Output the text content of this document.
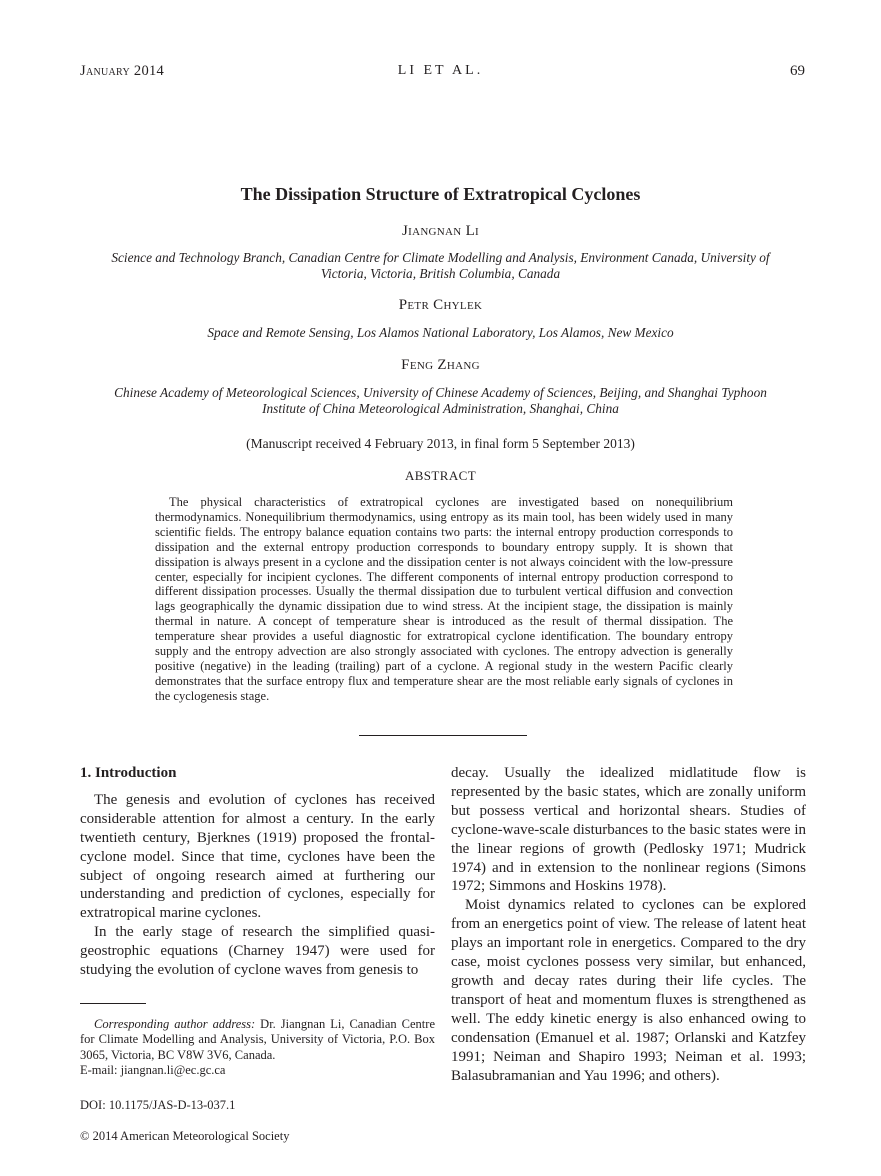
January 2014	LI ET AL.	69
The Dissipation Structure of Extratropical Cyclones
Jiangnan Li
Science and Technology Branch, Canadian Centre for Climate Modelling and Analysis, Environment Canada, University of Victoria, Victoria, British Columbia, Canada
Petr Chylek
Space and Remote Sensing, Los Alamos National Laboratory, Los Alamos, New Mexico
Feng Zhang
Chinese Academy of Meteorological Sciences, University of Chinese Academy of Sciences, Beijing, and Shanghai Typhoon Institute of China Meteorological Administration, Shanghai, China
(Manuscript received 4 February 2013, in final form 5 September 2013)
ABSTRACT
The physical characteristics of extratropical cyclones are investigated based on nonequilibrium thermodynamics. Nonequilibrium thermodynamics, using entropy as its main tool, has been widely used in many scientific fields. The entropy balance equation contains two parts: the internal entropy production corresponds to dissipation and the external entropy production corresponds to boundary entropy supply. It is shown that dissipation is always present in a cyclone and the dissipation center is not always coincident with the low-pressure center, especially for incipient cyclones. The different components of internal entropy production correspond to different dissipation processes. Usually the thermal dissipation due to turbulent vertical diffusion and convection lags geographically the dynamic dissipation due to wind stress. At the incipient stage, the dissipation is mainly thermal in nature. A concept of temperature shear is introduced as the result of thermal dissipation. The temperature shear provides a useful diagnostic for extratropical cyclone identification. The boundary entropy supply and the entropy advection are also strongly associated with cyclones. The entropy advection is generally positive (negative) in the leading (trailing) part of a cyclone. A regional study in the western Pacific clearly demonstrates that the surface entropy flux and temperature shear are the most reliable early signals of cyclones in the cyclogenesis stage.

1. Introduction

The genesis and evolution of cyclones has received considerable attention for almost a century. In the early twentieth century, Bjerknes (1919) proposed the frontal-cyclone model. Since that time, cyclones have been the subject of ongoing research aimed at furthering our understanding and prediction of cyclones, especially for extratropical marine cyclones.

In the early stage of research the simplified quasi-geostrophic equations (Charney 1947) were used for studying the evolution of cyclone waves from genesis to

decay. Usually the idealized midlatitude flow is represented by the basic states, which are zonally uniform but possess vertical and horizontal shears. Studies of cyclone-wave-scale disturbances to the basic states were in the linear regions of growth (Pedlosky 1971; Mudrick 1974) and in extension to the nonlinear regions (Simons 1972; Simmons and Hoskins 1978).

Moist dynamics related to cyclones can be explored from an energetics point of view. The release of latent heat plays an important role in energetics. Compared to the dry case, moist cyclones possess very similar, but enhanced, growth and decay rates during their life cycles. The transport of heat and momentum fluxes is strengthened as well. The eddy kinetic energy is also enhanced owing to condensation (Emanuel et al. 1987; Orlanski and Katzfey 1991; Neiman and Shapiro 1993; Neiman et al. 1993; Balasubramanian and Yau 1996; and others).

Corresponding author address: Dr. Jiangnan Li, Canadian Centre for Climate Modelling and Analysis, University of Victoria, P.O. Box 3065, Victoria, BC V8W 3V6, Canada.

E-mail: jiangnan.li@ec.gc.ca

DOI: 10.1175/JAS-D-13-037.1
© 2014 American Meteorological Society
